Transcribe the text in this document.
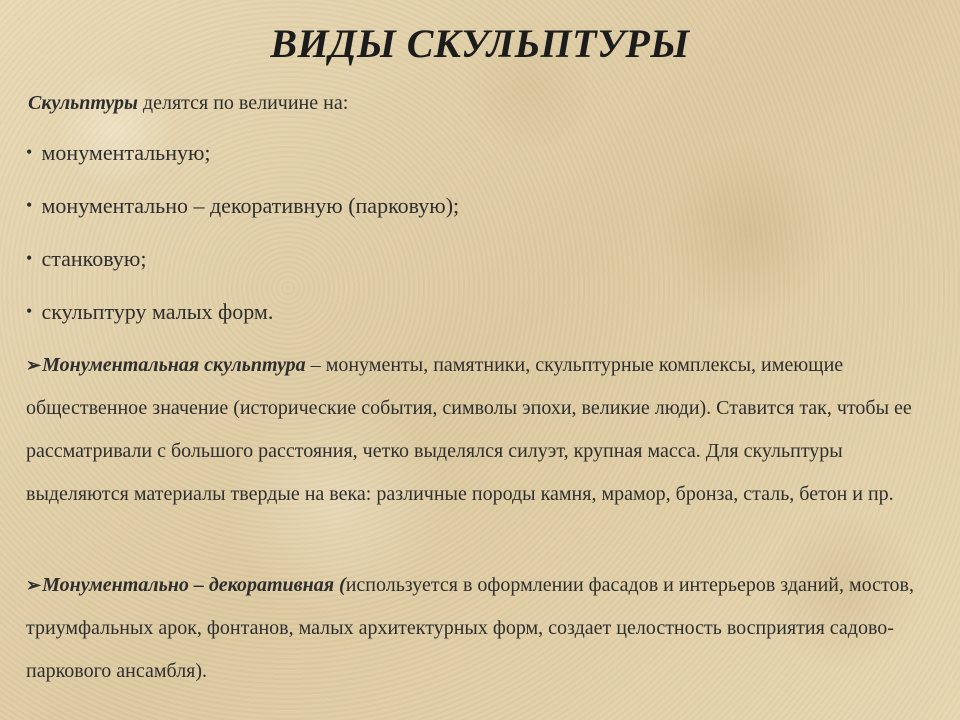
ВИДЫ СКУЛЬПТУРЫ
Скульптуры делятся по величине на:
• монументальную;
• монументально – декоративную (парковую);
• станковую;
• скульптуру малых форм.

➢Монументальная скульптура – монументы, памятники, скульптурные комплексы, имеющие общественное значение (исторические события, символы эпохи, великие люди). Ставится так, чтобы ее рассматривали с большого расстояния, четко выделялся силуэт, крупная масса. Для скульптуры выделяются материалы твердые на века: различные породы камня, мрамор, бронза, сталь, бетон и пр.

➢Монументально – декоративная (используется в оформлении фасадов и интерьеров зданий, мостов, триумфальных арок, фонтанов, малых архитектурных форм, создает целостность восприятия садово-паркового ансамбля).
